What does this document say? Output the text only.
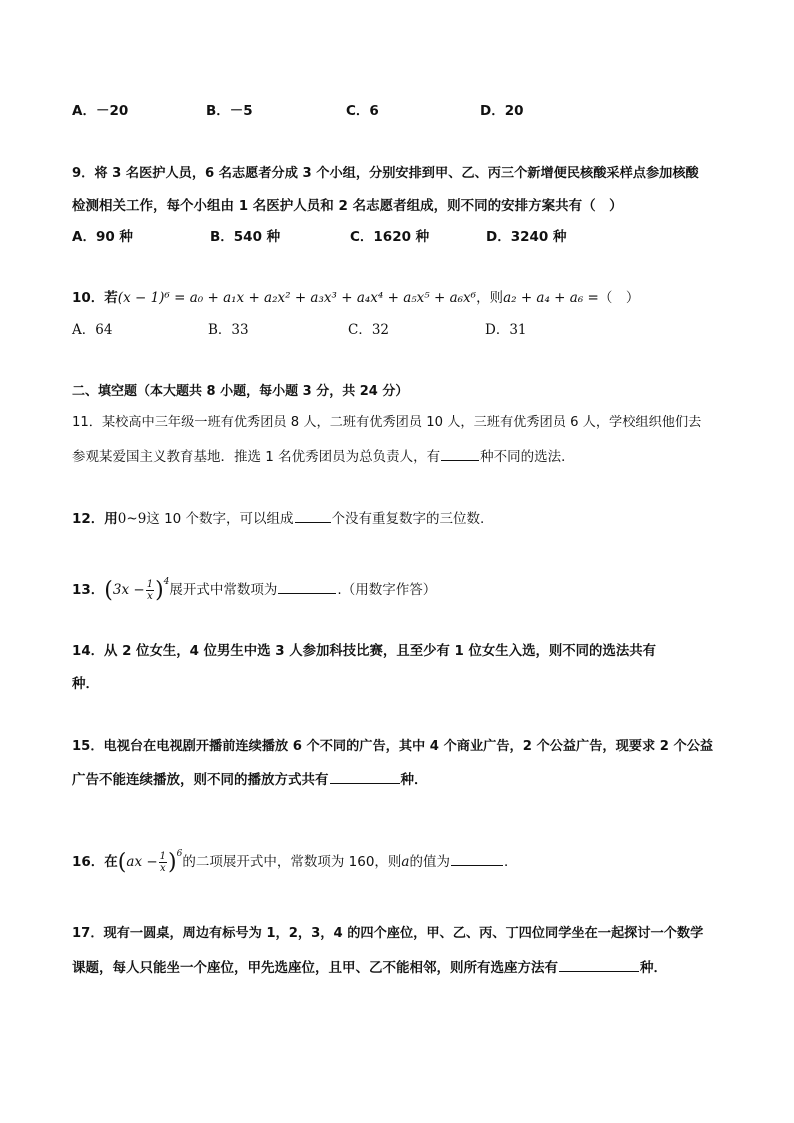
A．－20	B．－5	C．6	D．20
9．将 3 名医护人员，6 名志愿者分成 3 个小组，分别安排到甲、乙、丙三个新增便民核酸采样点参加核酸
检测相关工作，每个小组由 1 名医护人员和 2 名志愿者组成，则不同的安排方案共有（　）
A．90 种	B．540 种	C．1620 种	D．3240 种
10．若(x − 1)⁶ = a₀ + a₁x + a₂x² + a₃x³ + a₄x⁴ + a₅x⁵ + a₆x⁶，则a₂ + a₄ + a₆ =（　）
A．64	B．33	C．32	D．31
二、填空题（本大题共 8 小题，每小题 3 分，共 24 分）
11．某校高中三年级一班有优秀团员 8 人，二班有优秀团员 10 人，三班有优秀团员 6 人，学校组织他们去
参观某爱国主义教育基地．推选 1 名优秀团员为总负责人，有	种不同的选法．
12．用0~9这 10 个数字，可以组成	个没有重复数字的三位数.
13．$(3x - \frac{1}{x} )^4$展开式中常数项为	.（用数字作答）
14．从 2 位女生，4 位男生中选 3 人参加科技比赛，且至少有 1 位女生入选，则不同的选法共有
种．
15．电视台在电视剧开播前连续播放 6 个不同的广告，其中 4 个商业广告，2 个公益广告，现要求 2 个公益
广告不能连续播放，则不同的播放方式共有	种．
16．在$(ax - \frac{1}{x} )^6$的二项展开式中，常数项为 160，则a的值为	．
17．现有一圆桌，周边有标号为 1，2，3，4 的四个座位，甲、乙、丙、丁四位同学坐在一起探讨一个数学
课题，每人只能坐一个座位，甲先选座位，且甲、乙不能相邻，则所有选座方法有	种．
